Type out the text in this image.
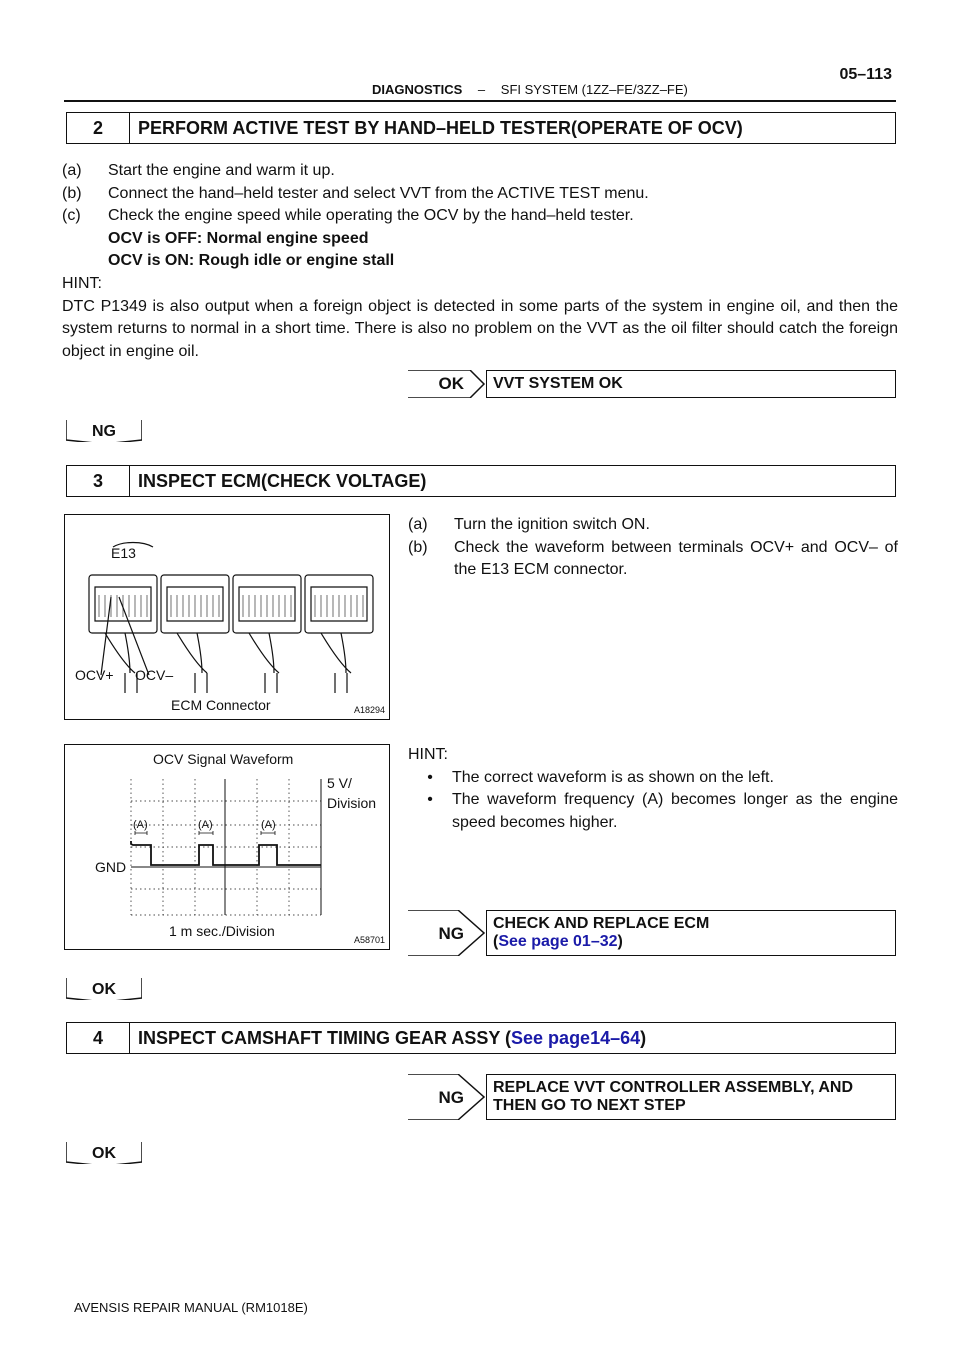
DIAGNOSTICS – SFI SYSTEM (1ZZ–FE/3ZZ–FE)
05–113
2	PERFORM ACTIVE TEST BY HAND–HELD TESTER(OPERATE OF OCV)
(a)	Start the engine and warm it up.
(b)	Connect the hand–held tester and select VVT from the ACTIVE TEST menu.
(c)	Check the engine speed while operating the OCV by the hand–held tester.
OCV is OFF: Normal engine speed
OCV is ON: Rough idle or engine stall
HINT:
DTC P1349 is also output when a foreign object is detected in some parts of the system in engine oil, and then the system returns to normal in a short time. There is also no problem on the VVT as the oil filter should catch the foreign object in engine oil.
OK	VVT SYSTEM OK
NG
3	INSPECT ECM(CHECK VOLTAGE)
E13
OCV+ OCV–
ECM Connector	A18294
(a)	Turn the ignition switch ON.
(b)	Check the waveform between terminals OCV+ and OCV– of the E13 ECM connector.
OCV Signal Waveform
5 V/
Division
(A)	(A)	(A)
GND
1 m sec./Division
A58701
HINT:
•	The correct waveform is as shown on the left.
•	The waveform frequency (A) becomes longer as the engine speed becomes higher.
NG
CHECK AND REPLACE ECM
(See page 01–32)
OK
4	INSPECT CAMSHAFT TIMING GEAR ASSY ( See page14–64 )
NG
REPLACE VVT CONTROLLER ASSEMBLY, AND
THEN GO TO NEXT STEP
OK
AVENSIS REPAIR MANUAL (RM1018E)
